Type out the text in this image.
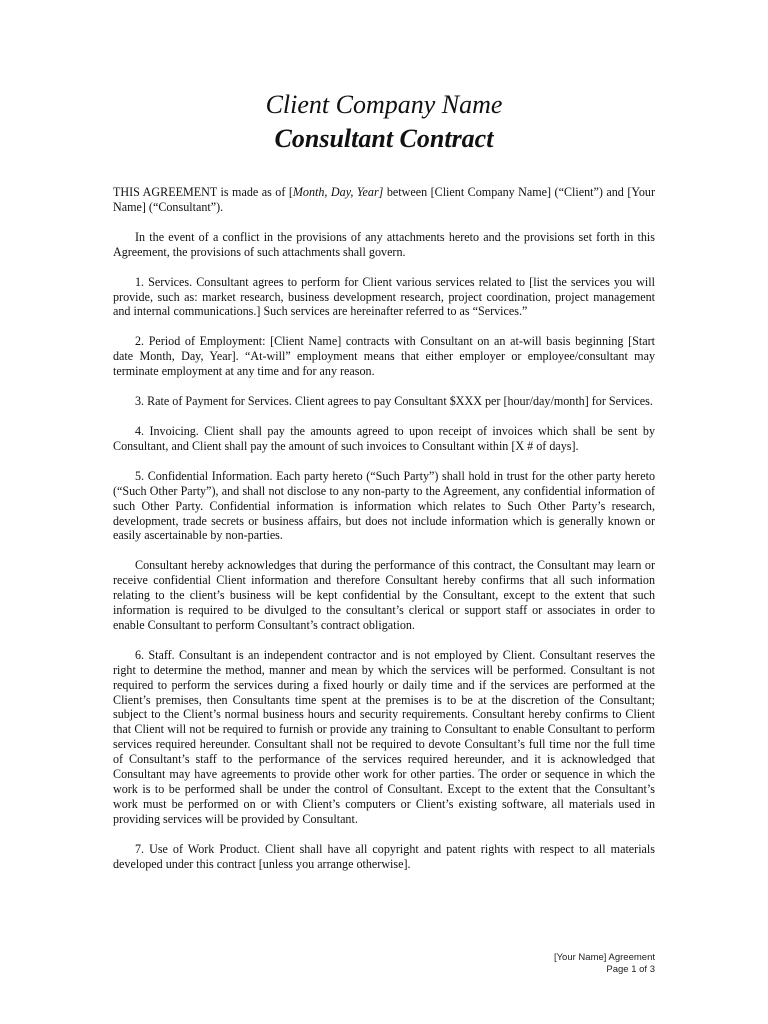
Client Company Name
Consultant Contract

THIS AGREEMENT is made as of [Month, Day, Year] between [Client Company Name] (“Client”) and [Your Name] (“Consultant”).

In the event of a conflict in the provisions of any attachments hereto and the provisions set forth in this Agreement, the provisions of such attachments shall govern.

1. Services. Consultant agrees to perform for Client various services related to [list the services you will provide, such as: market research, business development research, project coordination, project management and internal communications.] Such services are hereinafter referred to as “Services.”

2. Period of Employment: [Client Name] contracts with Consultant on an at-will basis beginning [Start date Month, Day, Year]. “At-will” employment means that either employer or employee/consultant may terminate employment at any time and for any reason.

3. Rate of Payment for Services. Client agrees to pay Consultant $XXX per [hour/day/month] for Services.

4. Invoicing. Client shall pay the amounts agreed to upon receipt of invoices which shall be sent by Consultant, and Client shall pay the amount of such invoices to Consultant within [X # of days].

5. Confidential Information. Each party hereto (“Such Party”) shall hold in trust for the other party hereto (“Such Other Party”), and shall not disclose to any non-party to the Agreement, any confidential information of such Other Party. Confidential information is information which relates to Such Other Party’s research, development, trade secrets or business affairs, but does not include information which is generally known or easily ascertainable by non-parties.

Consultant hereby acknowledges that during the performance of this contract, the Consultant may learn or receive confidential Client information and therefore Consultant hereby confirms that all such information relating to the client’s business will be kept confidential by the Consultant, except to the extent that such information is required to be divulged to the consultant’s clerical or support staff or associates in order to enable Consultant to perform Consultant’s contract obligation.

6. Staff. Consultant is an independent contractor and is not employed by Client. Consultant reserves the right to determine the method, manner and mean by which the services will be performed. Consultant is not required to perform the services during a fixed hourly or daily time and if the services are performed at the Client’s premises, then Consultants time spent at the premises is to be at the discretion of the Consultant; subject to the Client’s normal business hours and security requirements. Consultant hereby confirms to Client that Client will not be required to furnish or provide any training to Consultant to enable Consultant to perform services required hereunder. Consultant shall not be required to devote Consultant’s full time nor the full time of Consultant’s staff to the performance of the services required hereunder, and it is acknowledged that Consultant may have agreements to provide other work for other parties. The order or sequence in which the work is to be performed shall be under the control of Consultant. Except to the extent that the Consultant’s work must be performed on or with Client’s computers or Client’s existing software, all materials used in providing services will be provided by Consultant.

7. Use of Work Product. Client shall have all copyright and patent rights with respect to all materials developed under this contract [unless you arrange otherwise].

[Your Name] Agreement
Page 1 of 3
